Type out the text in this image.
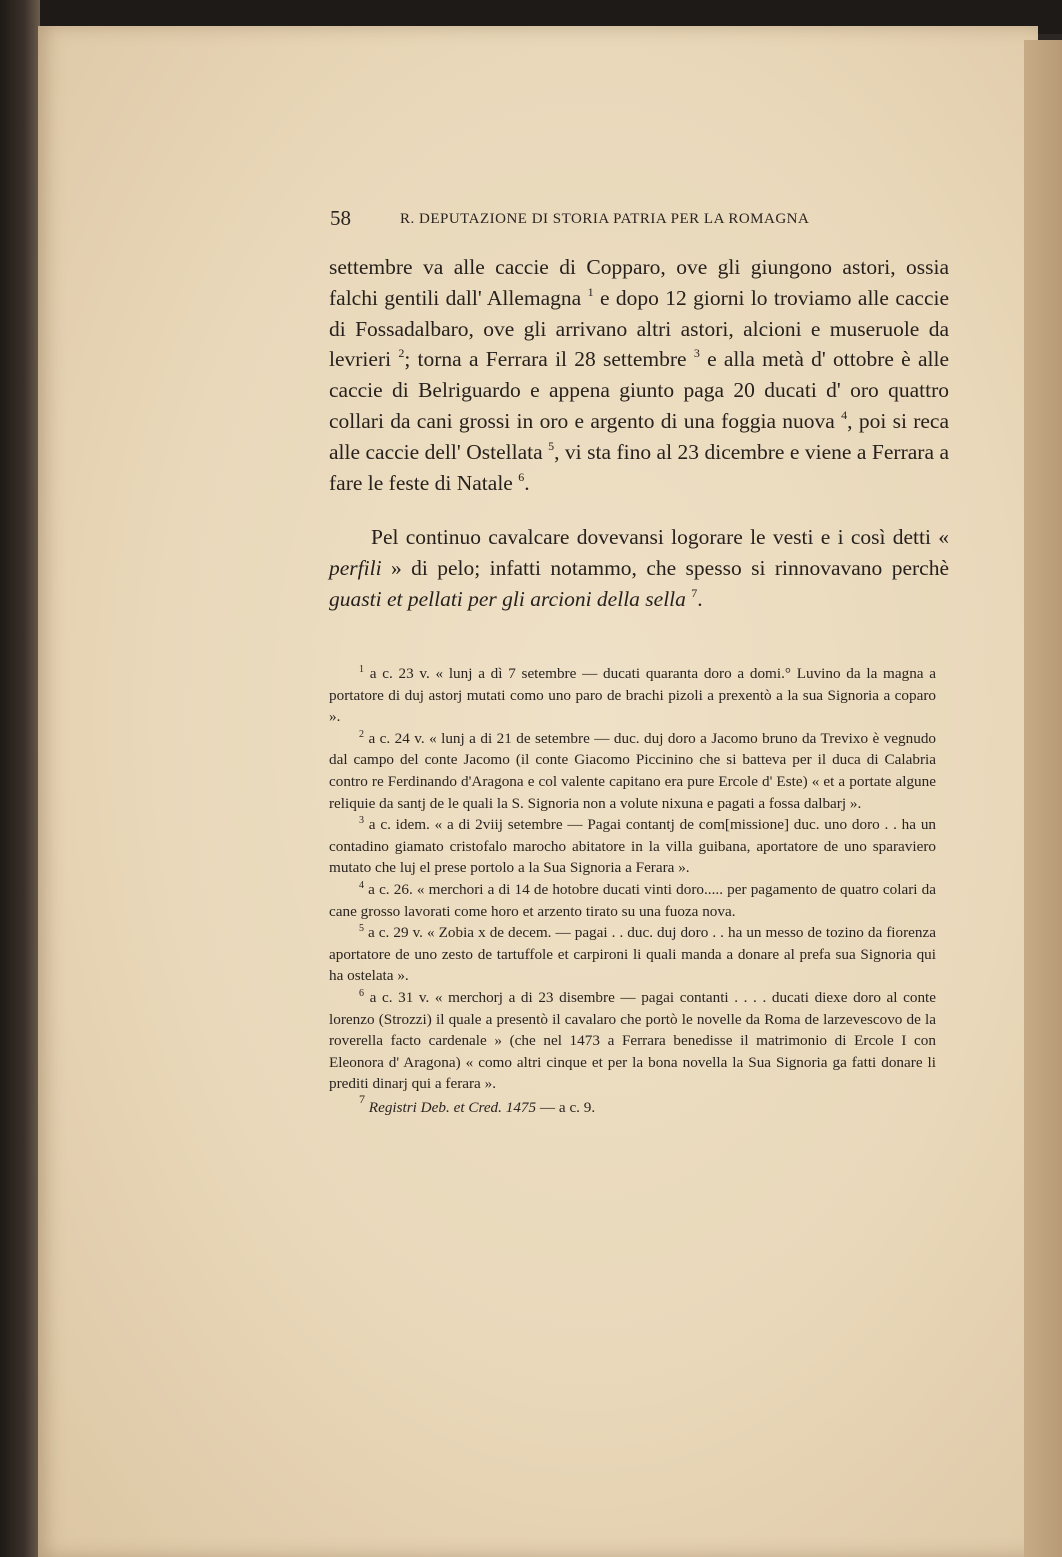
58	R. DEPUTAZIONE DI STORIA PATRIA PER LA ROMAGNA

settembre va alle caccie di Copparo, ove gli giungono astori, ossia falchi gentili dall' Allemagna $^1$ e dopo 12 giorni lo troviamo alle caccie di Fossadalbaro, ove gli arrivano altri astori, alcioni e museruole da levrieri $^2$; torna a Ferrara il 28 settembre $^3$ e alla metà d' ottobre è alle caccie di Belriguardo e appena giunto paga 20 ducati d' oro quattro collari da cani grossi in oro e argento di una foggia nuova $^4$, poi si reca alle caccie dell' Ostellata $^5$, vi sta fino al 23 dicembre e viene a Ferrara a fare le feste di Natale $^6$.

Pel continuo cavalcare dovevansi logorare le vesti e i così detti « perfili » di pelo; infatti notammo, che spesso si rinnovavano perchè guasti et pellati per gli arcioni della sella $^7$.

$^1$ a c. 23 v. « lunj a dì 7 setembre — ducati quaranta doro a domi.° Luvino da la magna a portatore di duj astorj mutati como uno paro de brachi pizoli a prexentò a la sua Signoria a coparo ».

$^2$ a c. 24 v. « lunj a di 21 de setembre — duc. duj doro a Jacomo bruno da Trevixo è vegnudo dal campo del conte Jacomo (il conte Giacomo Piccinino che si batteva per il duca di Calabria contro re Ferdinando d'Aragona e col valente capitano era pure Ercole d' Este) « et a portate algune reliquie da santj de le quali la S. Signoria non a volute nixuna e pagati a fossa dalbarj ».

$^3$ a c. idem. « a di 2viij setembre — Pagai contantj de com[missione] duc. uno doro . . ha un contadino giamato cristofalo marocho abitatore in la villa guibana, aportatore de uno sparaviero mutato che luj el prese portolo a la Sua Signoria a Ferara ».

$^4$ a c. 26. « merchori a di 14 de hotobre ducati vinti doro..... per pagamento de quatro colari da cane grosso lavorati come horo et arzento tirato su una fuoza nova.

$^5$ a c. 29 v. « Zobia x de decem. — pagai . . duc. duj doro . . ha un messo de tozino da fiorenza aportatore de uno zesto de tartuffole et carpironi li quali manda a donare al prefa sua Signoria qui ha ostelata ».

$^6$ a c. 31 v. « merchorj a di 23 disembre — pagai contanti . . . . ducati diexe doro al conte lorenzo (Strozzi) il quale a presentò il cavalaro che portò le novelle da Roma de larzevescovo de la roverella facto cardenale » (che nel 1473 a Ferrara benedisse il matrimonio di Ercole I con Eleonora d' Aragona) « como altri cinque et per la bona novella la Sua Signoria ga fatti donare li prediti dinarj qui a ferara ».

$^7$ Registri Deb. et Cred. 1475 — a c. 9.
